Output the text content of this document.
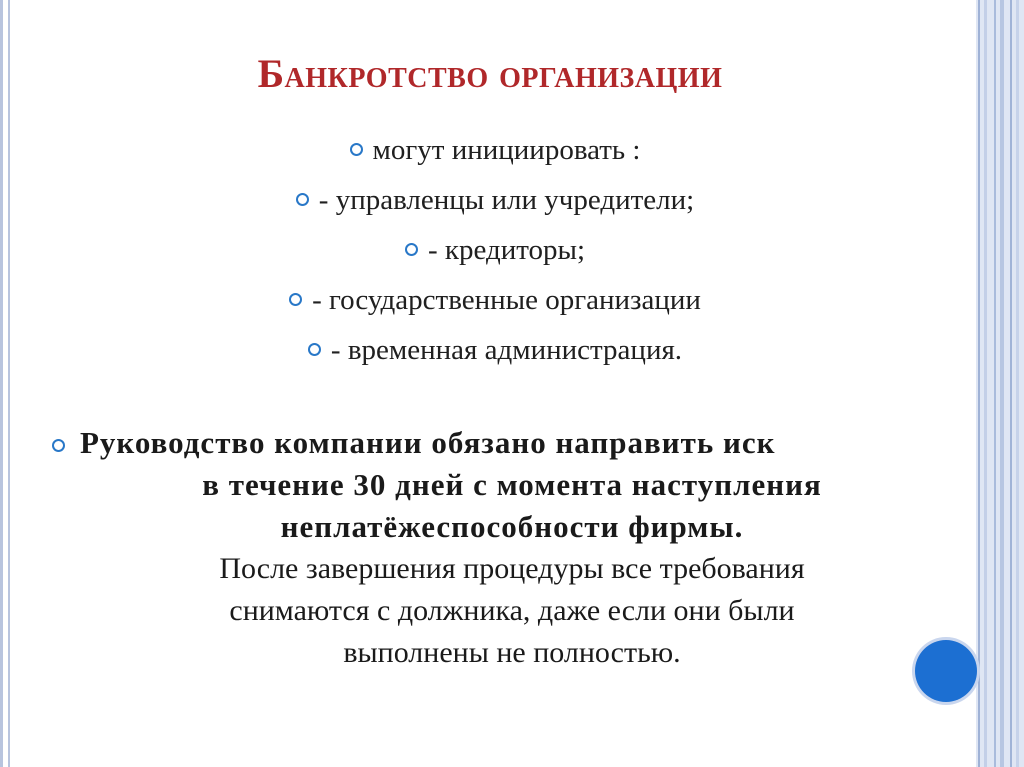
Банкротство организации
могут инициировать :
- управленцы или учредители;
- кредиторы;
- государственные организации
- временная администрация.
Руководство компании обязано направить иск
в течение 30 дней с момента наступления
неплатёжеспособности фирмы.
После завершения процедуры все требования
снимаются с должника, даже если они были
выполнены не полностью.
